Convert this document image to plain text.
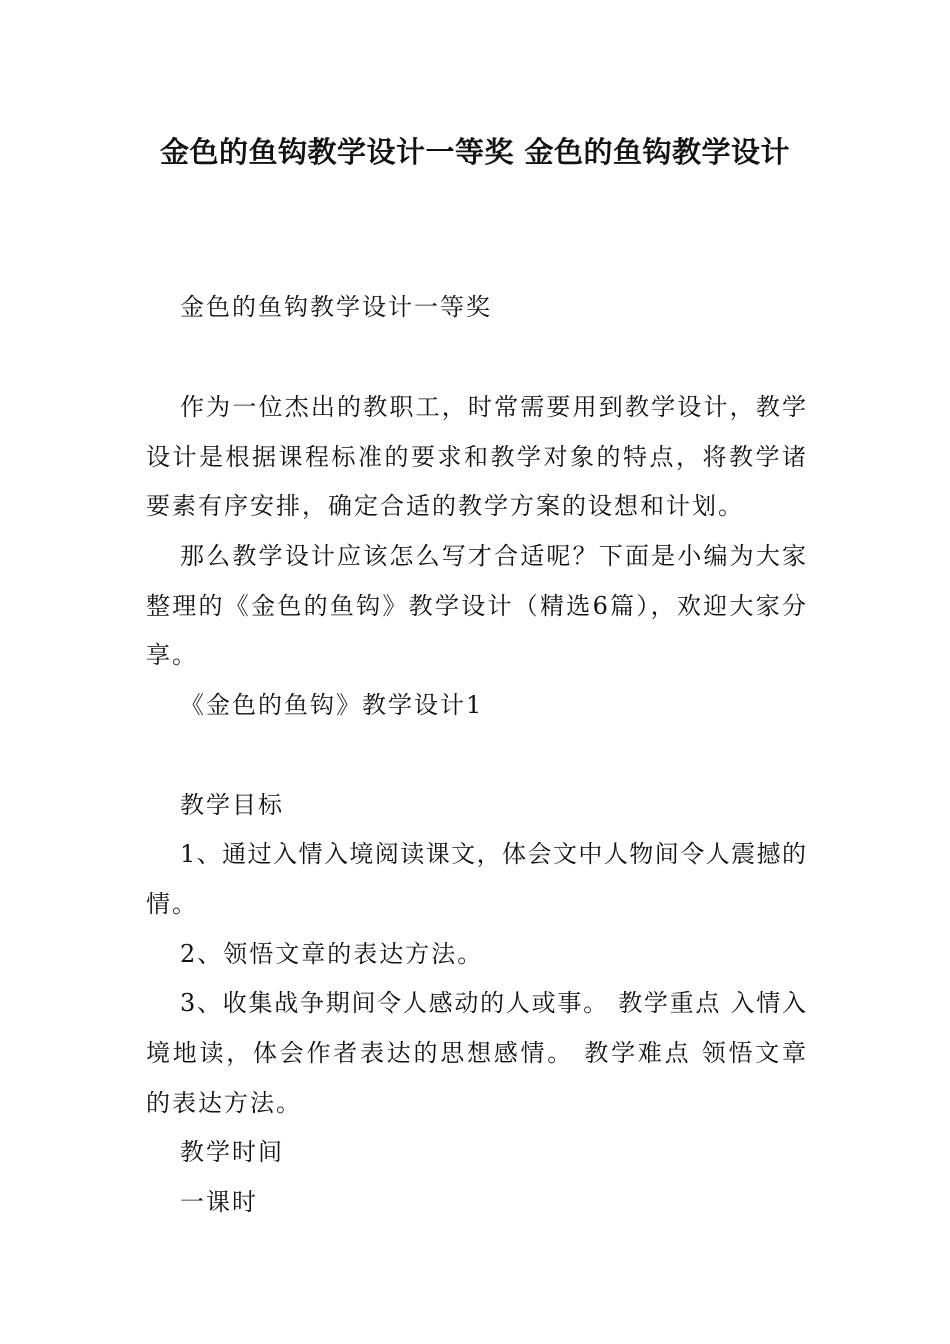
金色的鱼钩教学设计一等奖 金色的鱼钩教学设计
金色的鱼钩教学设计一等奖
作为一位杰出的教职工，时常需要用到教学设计，教学
设计是根据课程标准的要求和教学对象的特点，将教学诸
要素有序安排，确定合适的教学方案的设想和计划。
那么教学设计应该怎么写才合适呢？下面是小编为大家
整理的《金色的鱼钩》教学设计（精选6篇），欢迎大家分
享。
《金色的鱼钩》教学设计1
教学目标
1、通过入情入境阅读课文，体会文中人物间令人震撼的
情。
2、领悟文章的表达方法。
3、收集战争期间令人感动的人或事。 教学重点 入情入
境地读，体会作者表达的思想感情。 教学难点 领悟文章
的表达方法。
教学时间
一课时
